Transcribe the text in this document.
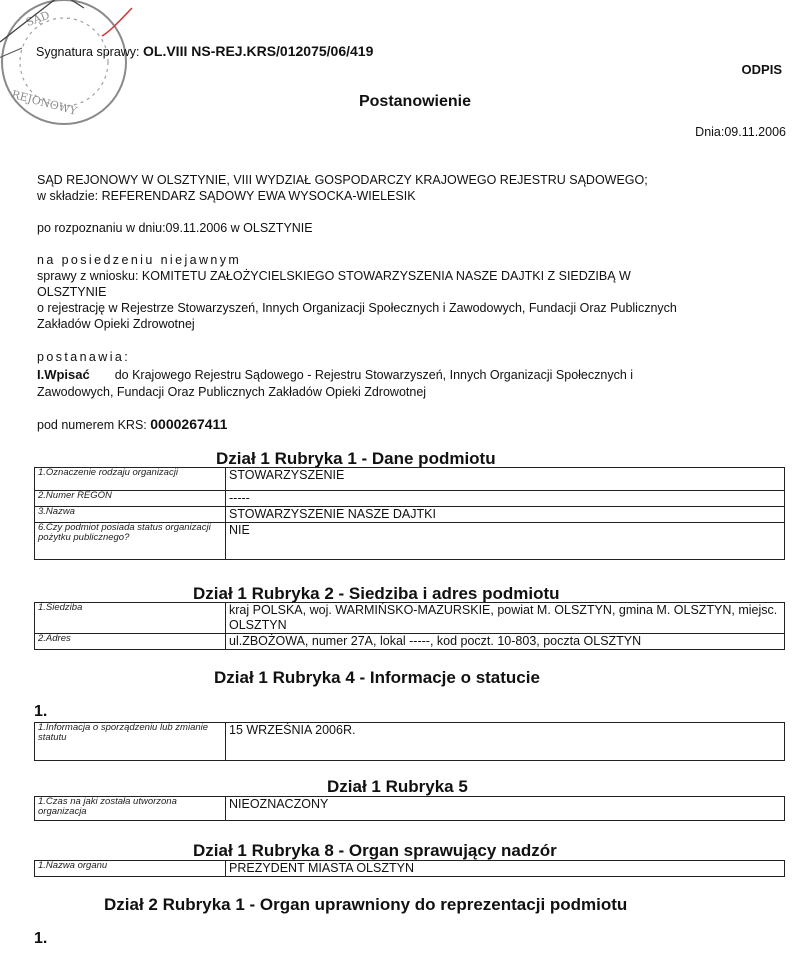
SĄD
REJONOWY
Sygnatura sprawy: OL.VIII NS-REJ.KRS/012075/06/419
ODPIS
Postanowienie
Dnia:09.11.2006
SĄD REJONOWY W OLSZTYNIE, VIII WYDZIAŁ GOSPODARCZY KRAJOWEGO REJESTRU SĄDOWEGO;
w składzie: REFERENDARZ SĄDOWY EWA WYSOCKA-WIELESIK
po rozpoznaniu w dniu:09.11.2006 w OLSZTYNIE
na posiedzeniu niejawnym
sprawy z wniosku: KOMITETU ZAŁOŻYCIELSKIEGO STOWARZYSZENIA NASZE DAJTKI Z SIEDZIBĄ W
OLSZTYNIE
o rejestrację w Rejestrze Stowarzyszeń, Innych Organizacji Społecznych i Zawodowych, Fundacji Oraz Publicznych
Zakładów Opieki Zdrowotnej
postanawia:
I.Wpisać do Krajowego Rejestru Sądowego - Rejestru Stowarzyszeń, Innych Organizacji Społecznych i
Zawodowych, Fundacji Oraz Publicznych Zakładów Opieki Zdrowotnej
pod numerem KRS: 0000267411
Dział 1 Rubryka 1 - Dane podmiotu
1.Oznaczenie rodzaju organizacji	STOWARZYSZENIE
2.Numer REGON	-----
3.Nazwa	STOWARZYSZENIE NASZE DAJTKI
6.Czy podmiot posiada status organizacji pożytku publicznego?	NIE
Dział 1 Rubryka 2 - Siedziba i adres podmiotu
1.Siedziba	kraj POLSKA, woj. WARMIŃSKO-MAZURSKIE, powiat M. OLSZTYN, gmina M. OLSZTYN, miejsc. OLSZTYN
2.Adres	ul.ZBOŻOWA, numer 27A, lokal -----, kod poczt. 10-803, poczta OLSZTYN
Dział 1 Rubryka 4 - Informacje o statucie
1.
1.Informacja o sporządzeniu lub zmianie statutu	15 WRZEŚNIA 2006R.
Dział 1 Rubryka 5
1.Czas na jaki została utworzona organizacja	NIEOZNACZONY
Dział 1 Rubryka 8 - Organ sprawujący nadzór
1.Nazwa organu	PREZYDENT MIASTA OLSZTYN
Dział 2 Rubryka 1 - Organ uprawniony do reprezentacji podmiotu
1.
